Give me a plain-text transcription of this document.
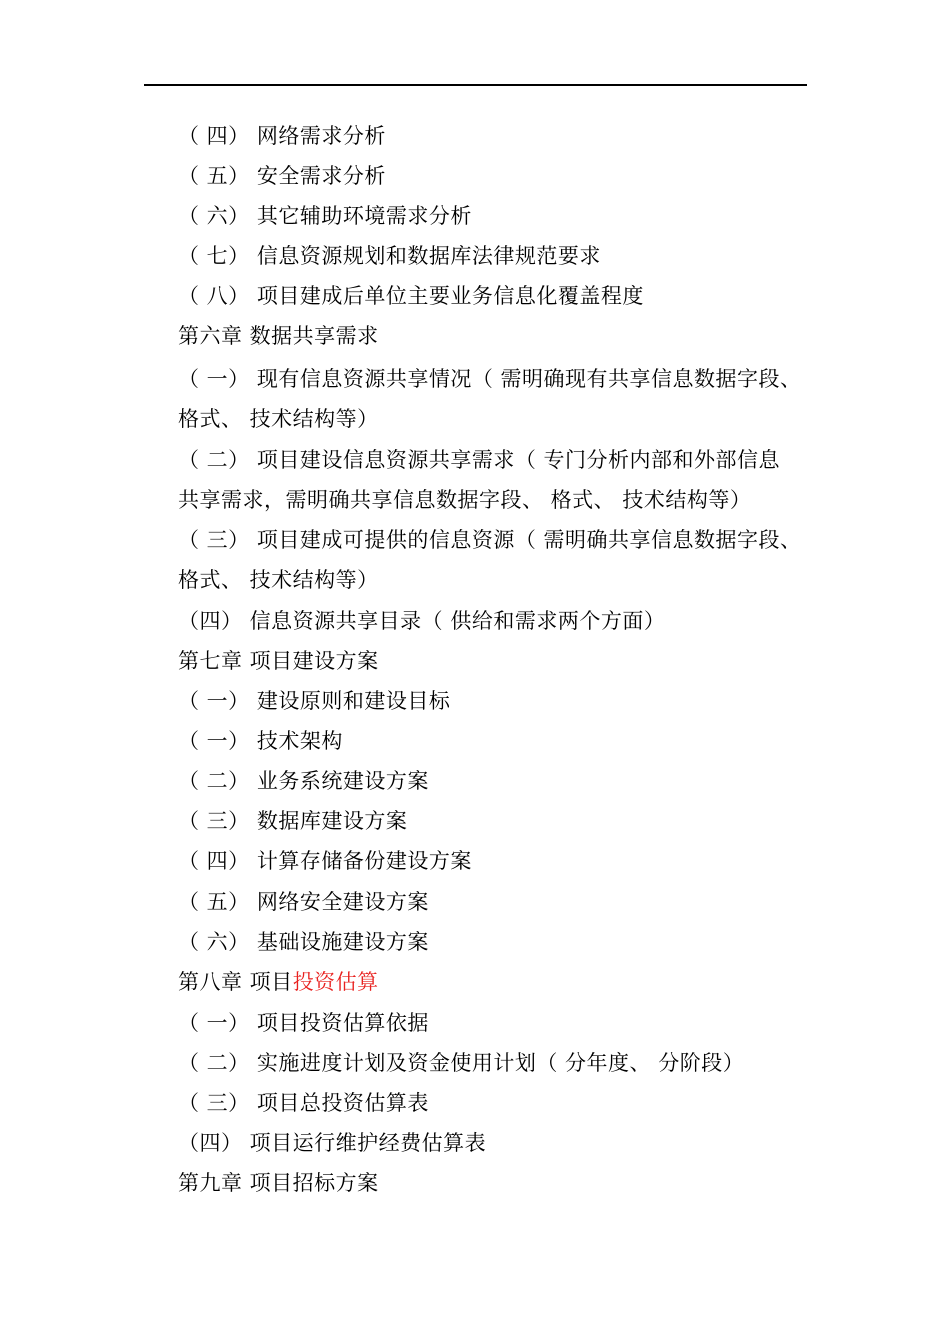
（ 四） 网络需求分析
（ 五） 安全需求分析
（ 六） 其它辅助环境需求分析
（ 七） 信息资源规划和数据库法律规范要求
（ 八） 项目建成后单位主要业务信息化覆盖程度
第六章 数据共享需求
（ 一） 现有信息资源共享情况（ 需明确现有共享信息数据字段、
格式、 技术结构等）
（ 二） 项目建设信息资源共享需求（ 专门分析内部和外部信息
共享需求，需明确共享信息数据字段、 格式、 技术结构等）
（ 三） 项目建成可提供的信息资源（ 需明确共享信息数据字段、
格式、 技术结构等）
（四） 信息资源共享目录（ 供给和需求两个方面）
第七章 项目建设方案
（ 一） 建设原则和建设目标
（ 一） 技术架构
（ 二） 业务系统建设方案
（ 三） 数据库建设方案
（ 四） 计算存储备份建设方案
（ 五） 网络安全建设方案
（ 六） 基础设施建设方案
第八章 项目投资估算
（ 一） 项目投资估算依据
（ 二） 实施进度计划及资金使用计划（ 分年度、 分阶段）
（ 三） 项目总投资估算表
（四） 项目运行维护经费估算表
第九章 项目招标方案
